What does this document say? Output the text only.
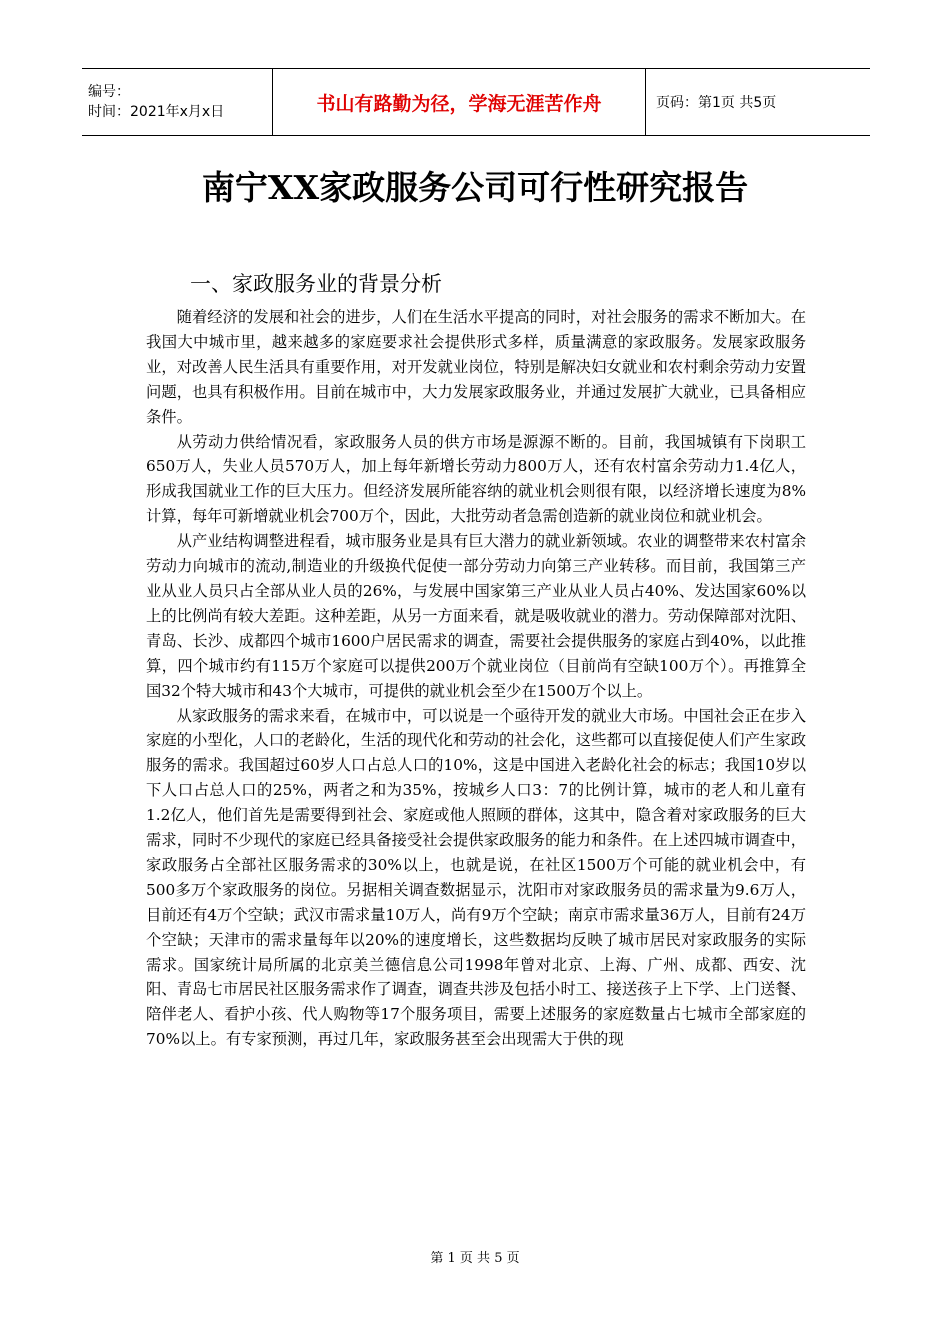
编号：
时间：2021年x月x日	书山有路勤为径，学海无涯苦作舟	页码：第1页 共5页
南宁XX家政服务公司可行性研究报告
一、家政服务业的背景分析

随着经济的发展和社会的进步，人们在生活水平提高的同时，对社会服务的需求不断加大。在我国大中城市里，越来越多的家庭要求社会提供形式多样，质量满意的家政服务。发展家政服务业，对改善人民生活具有重要作用，对开发就业岗位，特别是解决妇女就业和农村剩余劳动力安置问题，也具有积极作用。目前在城市中，大力发展家政服务业，并通过发展扩大就业，已具备相应条件。

从劳动力供给情况看，家政服务人员的供方市场是源源不断的。目前，我国城镇有下岗职工650万人，失业人员570万人，加上每年新增长劳动力800万人，还有农村富余劳动力1.4亿人，形成我国就业工作的巨大压力。但经济发展所能容纳的就业机会则很有限，以经济增长速度为8%计算，每年可新增就业机会700万个，因此，大批劳动者急需创造新的就业岗位和就业机会。

从产业结构调整进程看，城市服务业是具有巨大潜力的就业新领域。农业的调整带来农村富余劳动力向城市的流动,制造业的升级换代促使一部分劳动力向第三产业转移。而目前，我国第三产业从业人员只占全部从业人员的26%，与发展中国家第三产业从业人员占40%、发达国家60%以上的比例尚有较大差距。这种差距，从另一方面来看，就是吸收就业的潜力。劳动保障部对沈阳、青岛、长沙、成都四个城市1600户居民需求的调查，需要社会提供服务的家庭占到40%，以此推算，四个城市约有115万个家庭可以提供200万个就业岗位（目前尚有空缺100万个）。再推算全国32个特大城市和43个大城市，可提供的就业机会至少在1500万个以上。

从家政服务的需求来看，在城市中，可以说是一个亟待开发的就业大市场。中国社会正在步入家庭的小型化，人口的老龄化，生活的现代化和劳动的社会化，这些都可以直接促使人们产生家政服务的需求。我国超过60岁人口占总人口的10%，这是中国进入老龄化社会的标志；我国10岁以下人口占总人口的25%，两者之和为35%，按城乡人口3：7的比例计算，城市的老人和儿童有1.2亿人，他们首先是需要得到社会、家庭或他人照顾的群体，这其中，隐含着对家政服务的巨大需求，同时不少现代的家庭已经具备接受社会提供家政服务的能力和条件。在上述四城市调查中，家政服务占全部社区服务需求的30%以上，也就是说，在社区1500万个可能的就业机会中，有500多万个家政服务的岗位。另据相关调查数据显示，沈阳市对家政服务员的需求量为9.6万人，目前还有4万个空缺；武汉市需求量10万人，尚有9万个空缺；南京市需求量36万人，目前有24万个空缺；天津市的需求量每年以20%的速度增长，这些数据均反映了城市居民对家政服务的实际需求。国家统计局所属的北京美兰德信息公司1998年曾对北京、上海、广州、成都、西安、沈阳、青岛七市居民社区服务需求作了调查，调查共涉及包括小时工、接送孩子上下学、上门送餐、陪伴老人、看护小孩、代人购物等17个服务项目，需要上述服务的家庭数量占七城市全部家庭的70%以上。有专家预测，再过几年，家政服务甚至会出现需大于供的现

第 1 页 共 5 页
